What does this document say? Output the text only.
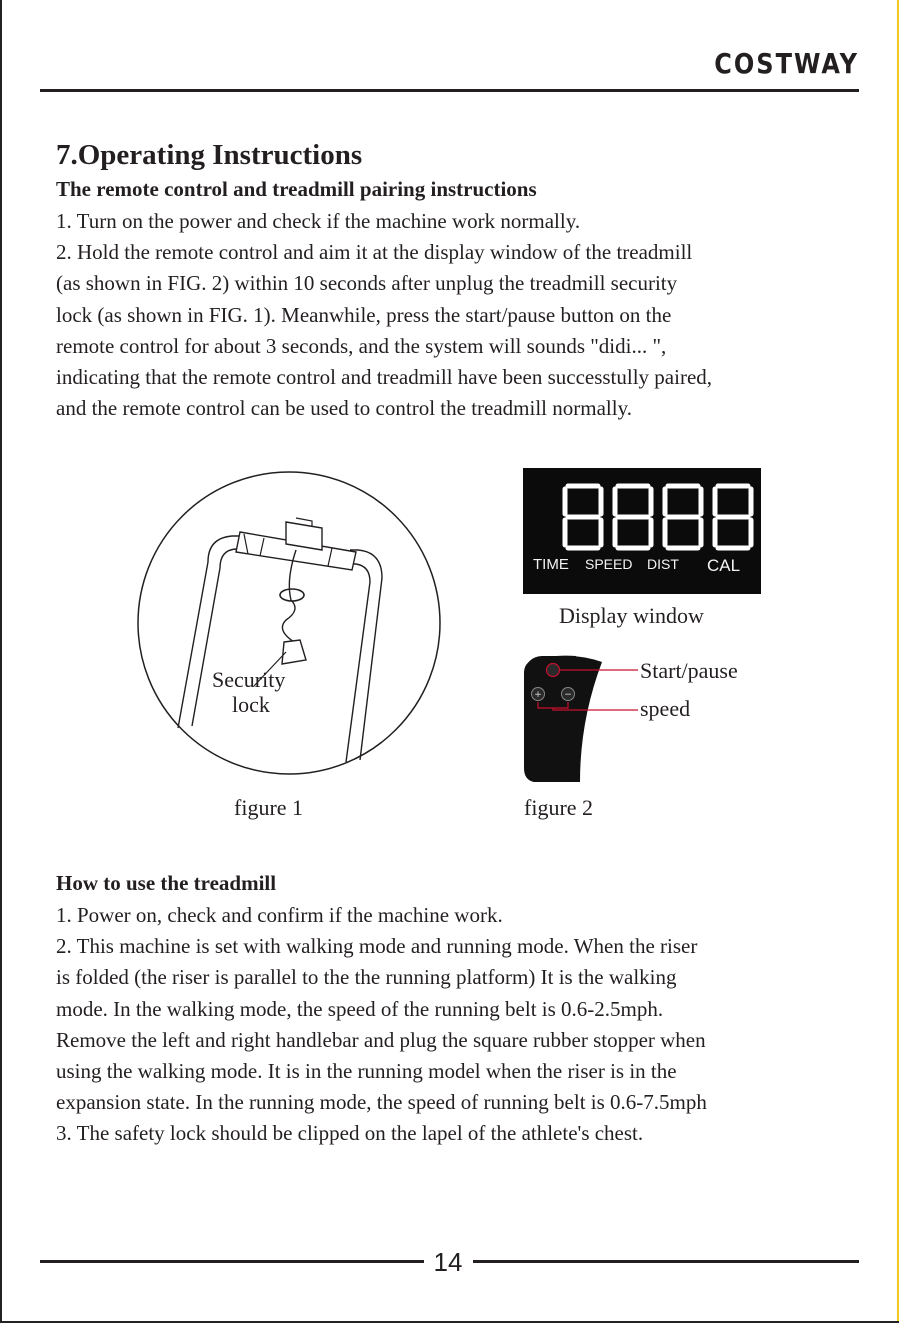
COSTWAY
7.Operating Instructions
The remote control and treadmill pairing instructions
1. Turn on the power and check if the machine work normally.
2. Hold the remote control and aim it at the display window of the treadmill
(as shown in FIG. 2) within 10 seconds after unplug the treadmill security
lock (as shown in FIG. 1). Meanwhile, press the start/pause button on the
remote control for about 3 seconds, and the system will sounds "didi... ",
indicating that the remote control and treadmill have been successtully paired,
and the remote control can be used to control the treadmill normally.
Security
lock
figure 1
TIME SPEED DIST CAL
Display window
+ −
Start/pause
speed
figure 2
How to use the treadmill
1. Power on, check and confirm if the machine work.
2. This machine is set with walking mode and running mode. When the riser
is folded (the riser is parallel to the the running platform) It is the walking
mode. In the walking mode, the speed of the running belt is 0.6-2.5mph.
Remove the left and right handlebar and plug the square rubber stopper when
using the walking mode. It is in the running model when the riser is in the
expansion state. In the running mode, the speed of running belt is 0.6-7.5mph
3. The safety lock should be clipped on the lapel of the athlete's chest.
14
